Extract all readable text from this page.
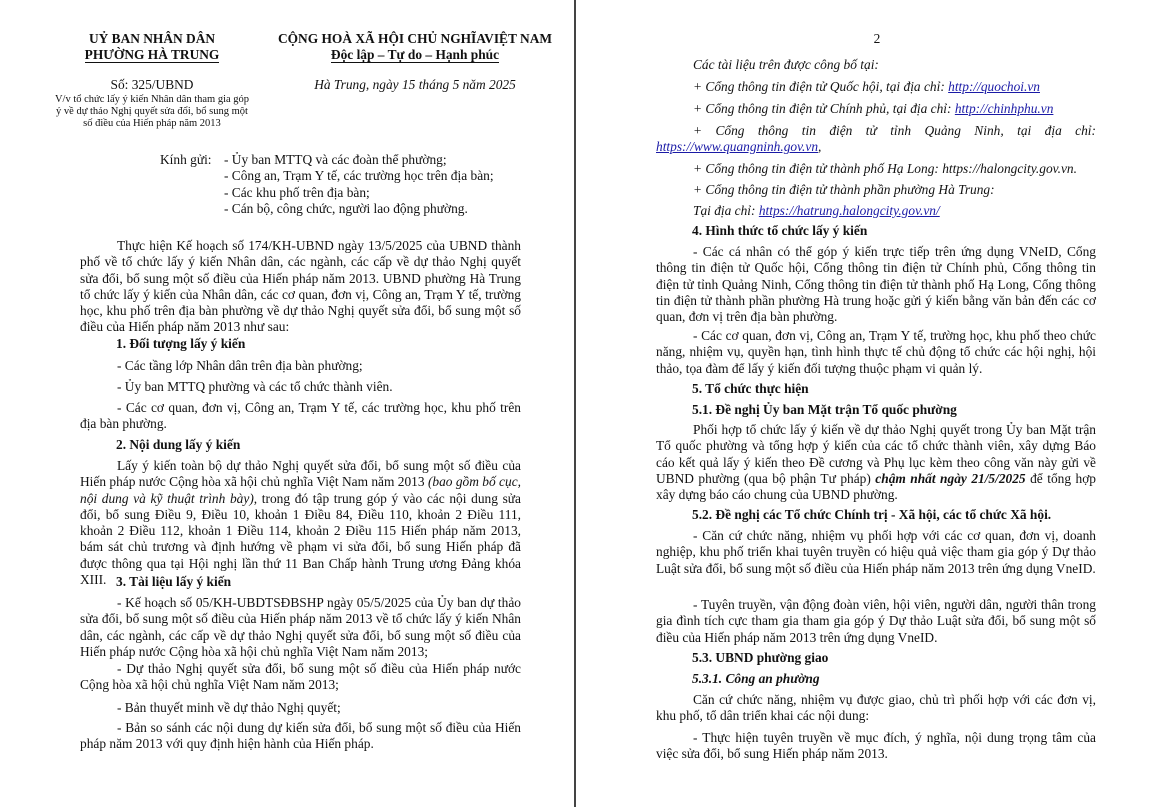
UỶ BAN NHÂN DÂN
PHƯỜNG HÀ TRUNG
CỘNG HOÀ XÃ HỘI CHỦ NGHĨAVIỆT NAM
Độc lập – Tự do – Hạnh phúc
Số: 325/UBND	Hà Trung, ngày 15 tháng 5 năm 2025
V/v tổ chức lấy ý kiến Nhân dân tham gia góp ý về dự thảo Nghị quyết sửa đổi, bổ sung một số điều của Hiến pháp năm 2013
Kính gửi: - Ủy ban MTTQ và các đoàn thể phường;
- Công an, Trạm Y tế, các trường học trên địa bàn;
- Các khu phố trên địa bàn;
- Cán bộ, công chức, người lao động phường.
Thực hiện Kế hoạch số 174/KH-UBND ngày 13/5/2025 của UBND thành phố về tổ chức lấy ý kiến Nhân dân, các ngành, các cấp về dự thảo Nghị quyết sửa đổi, bổ sung một số điều của Hiến pháp năm 2013. UBND phường Hà Trung tổ chức lấy ý kiến của Nhân dân, các cơ quan, đơn vị, Công an, Trạm Y tế, trường học, khu phố trên địa bàn phường về dự thảo Nghị quyết sửa đổi, bổ sung một số điều của Hiến pháp năm 2013 như sau:
1. Đối tượng lấy ý kiến
- Các tầng lớp Nhân dân trên địa bàn phường;
- Ủy ban MTTQ phường và các tổ chức thành viên.
- Các cơ quan, đơn vị, Công an, Trạm Y tế, các trường học, khu phố trên địa bàn phường.
2. Nội dung lấy ý kiến
Lấy ý kiến toàn bộ dự thảo Nghị quyết sửa đổi, bổ sung một số điều của Hiến pháp nước Cộng hòa xã hội chủ nghĩa Việt Nam năm 2013 (bao gồm bố cục, nội dung và kỹ thuật trình bày), trong đó tập trung góp ý vào các nội dung sửa đổi, bổ sung Điều 9, Điều 10, khoản 1 Điều 84, Điều 110, khoản 2 Điều 111, khoản 2 Điều 112, khoản 1 Điều 114, khoản 2 Điều 115 Hiến pháp năm 2013, bám sát chủ trương và định hướng về phạm vi sửa đổi, bổ sung Hiến pháp đã được thông qua tại Hội nghị lần thứ 11 Ban Chấp hành Trung ương Đảng khóa XIII. 3. Tài liệu lấy ý kiến
- Kế hoạch số 05/KH-UBDTSĐBSHP ngày 05/5/2025 của Ủy ban dự thảo sửa đổi, bổ sung một số điều của Hiến pháp năm 2013 về tổ chức lấy ý kiến Nhân dân, các ngành, các cấp về dự thảo Nghị quyết sửa đổi, bổ sung một số điều của Hiến pháp nước Cộng hòa xã hội chủ nghĩa Việt Nam năm 2013;
- Dự thảo Nghị quyết sửa đổi, bổ sung một số điều của Hiến pháp nước Cộng hòa xã hội chủ nghĩa Việt Nam năm 2013;
- Bản thuyết minh về dự thảo Nghị quyết;
- Bản so sánh các nội dung dự kiến sửa đổi, bổ sung một số điều của Hiến pháp năm 2013 với quy định hiện hành của Hiến pháp.
2
Các tài liệu trên được công bố tại:
+ Cổng thông tin điện tử Quốc hội, tại địa chỉ: http://quochoi.vn
+ Cổng thông tin điện tử Chính phủ, tại địa chỉ: http://chinhphu.vn
+ Cổng thông tin điện tử tỉnh Quảng Ninh, tại địa chỉ: https://www.quangninh.gov.vn,
+ Cổng thông tin điện tử thành phố Hạ Long: https://halongcity.gov.vn.
+ Cổng thông tin điện tử thành phần phường Hà Trung:
Tại địa chỉ: https://hatrung.halongcity.gov.vn/
4. Hình thức tổ chức lấy ý kiến
- Các cá nhân có thể góp ý kiến trực tiếp trên ứng dụng VNeID, Cổng thông tin điện tử Quốc hội, Cổng thông tin điện tử Chính phủ, Cổng thông tin điện tử tỉnh Quảng Ninh, Cổng thông tin điện tử thành phố Hạ Long, Cổng thông tin điện tử thành phần phường Hà trung hoặc gửi ý kiến bằng văn bản đến các cơ quan, đơn vị trên địa bàn phường.
- Các cơ quan, đơn vị, Công an, Trạm Y tế, trường học, khu phố theo chức năng, nhiệm vụ, quyền hạn, tình hình thực tế chủ động tổ chức các hội nghị, hội thảo, tọa đàm để lấy ý kiến đối tượng thuộc phạm vi quản lý.
5. Tổ chức thực hiện
5.1. Đề nghị Ủy ban Mặt trận Tổ quốc phường
Phối hợp tổ chức lấy ý kiến về dự thảo Nghị quyết trong Ủy ban Mặt trận Tổ quốc phường và tổng hợp ý kiến của các tổ chức thành viên, xây dựng Báo cáo kết quả lấy ý kiến theo Đề cương và Phụ lục kèm theo công văn này gửi về UBND phường (qua bộ phận Tư pháp) chậm nhất ngày 21/5/2025 để tổng hợp xây dựng báo cáo chung của UBND phường.
5.2. Đề nghị các Tổ chức Chính trị - Xã hội, các tổ chức Xã hội.
- Căn cứ chức năng, nhiệm vụ phối hợp với các cơ quan, đơn vị, doanh nghiệp, khu phố triển khai tuyên truyền có hiệu quả việc tham gia góp ý Dự thảo Luật sửa đổi, bổ sung một số điều của Hiến pháp năm 2013 trên ứng dụng VneID.
- Tuyên truyền, vận động đoàn viên, hội viên, người dân, người thân trong gia đình tích cực tham gia tham gia góp ý Dự thảo Luật sửa đổi, bổ sung một số điều của Hiến pháp năm 2013 trên ứng dụng VneID.
5.3. UBND phường giao
5.3.1. Công an phường
Căn cứ chức năng, nhiệm vụ được giao, chủ trì phối hợp với các đơn vị, khu phố, tổ dân triển khai các nội dung:
- Thực hiện tuyên truyền về mục đích, ý nghĩa, nội dung trọng tâm của việc sửa đổi, bổ sung Hiến pháp năm 2013.
